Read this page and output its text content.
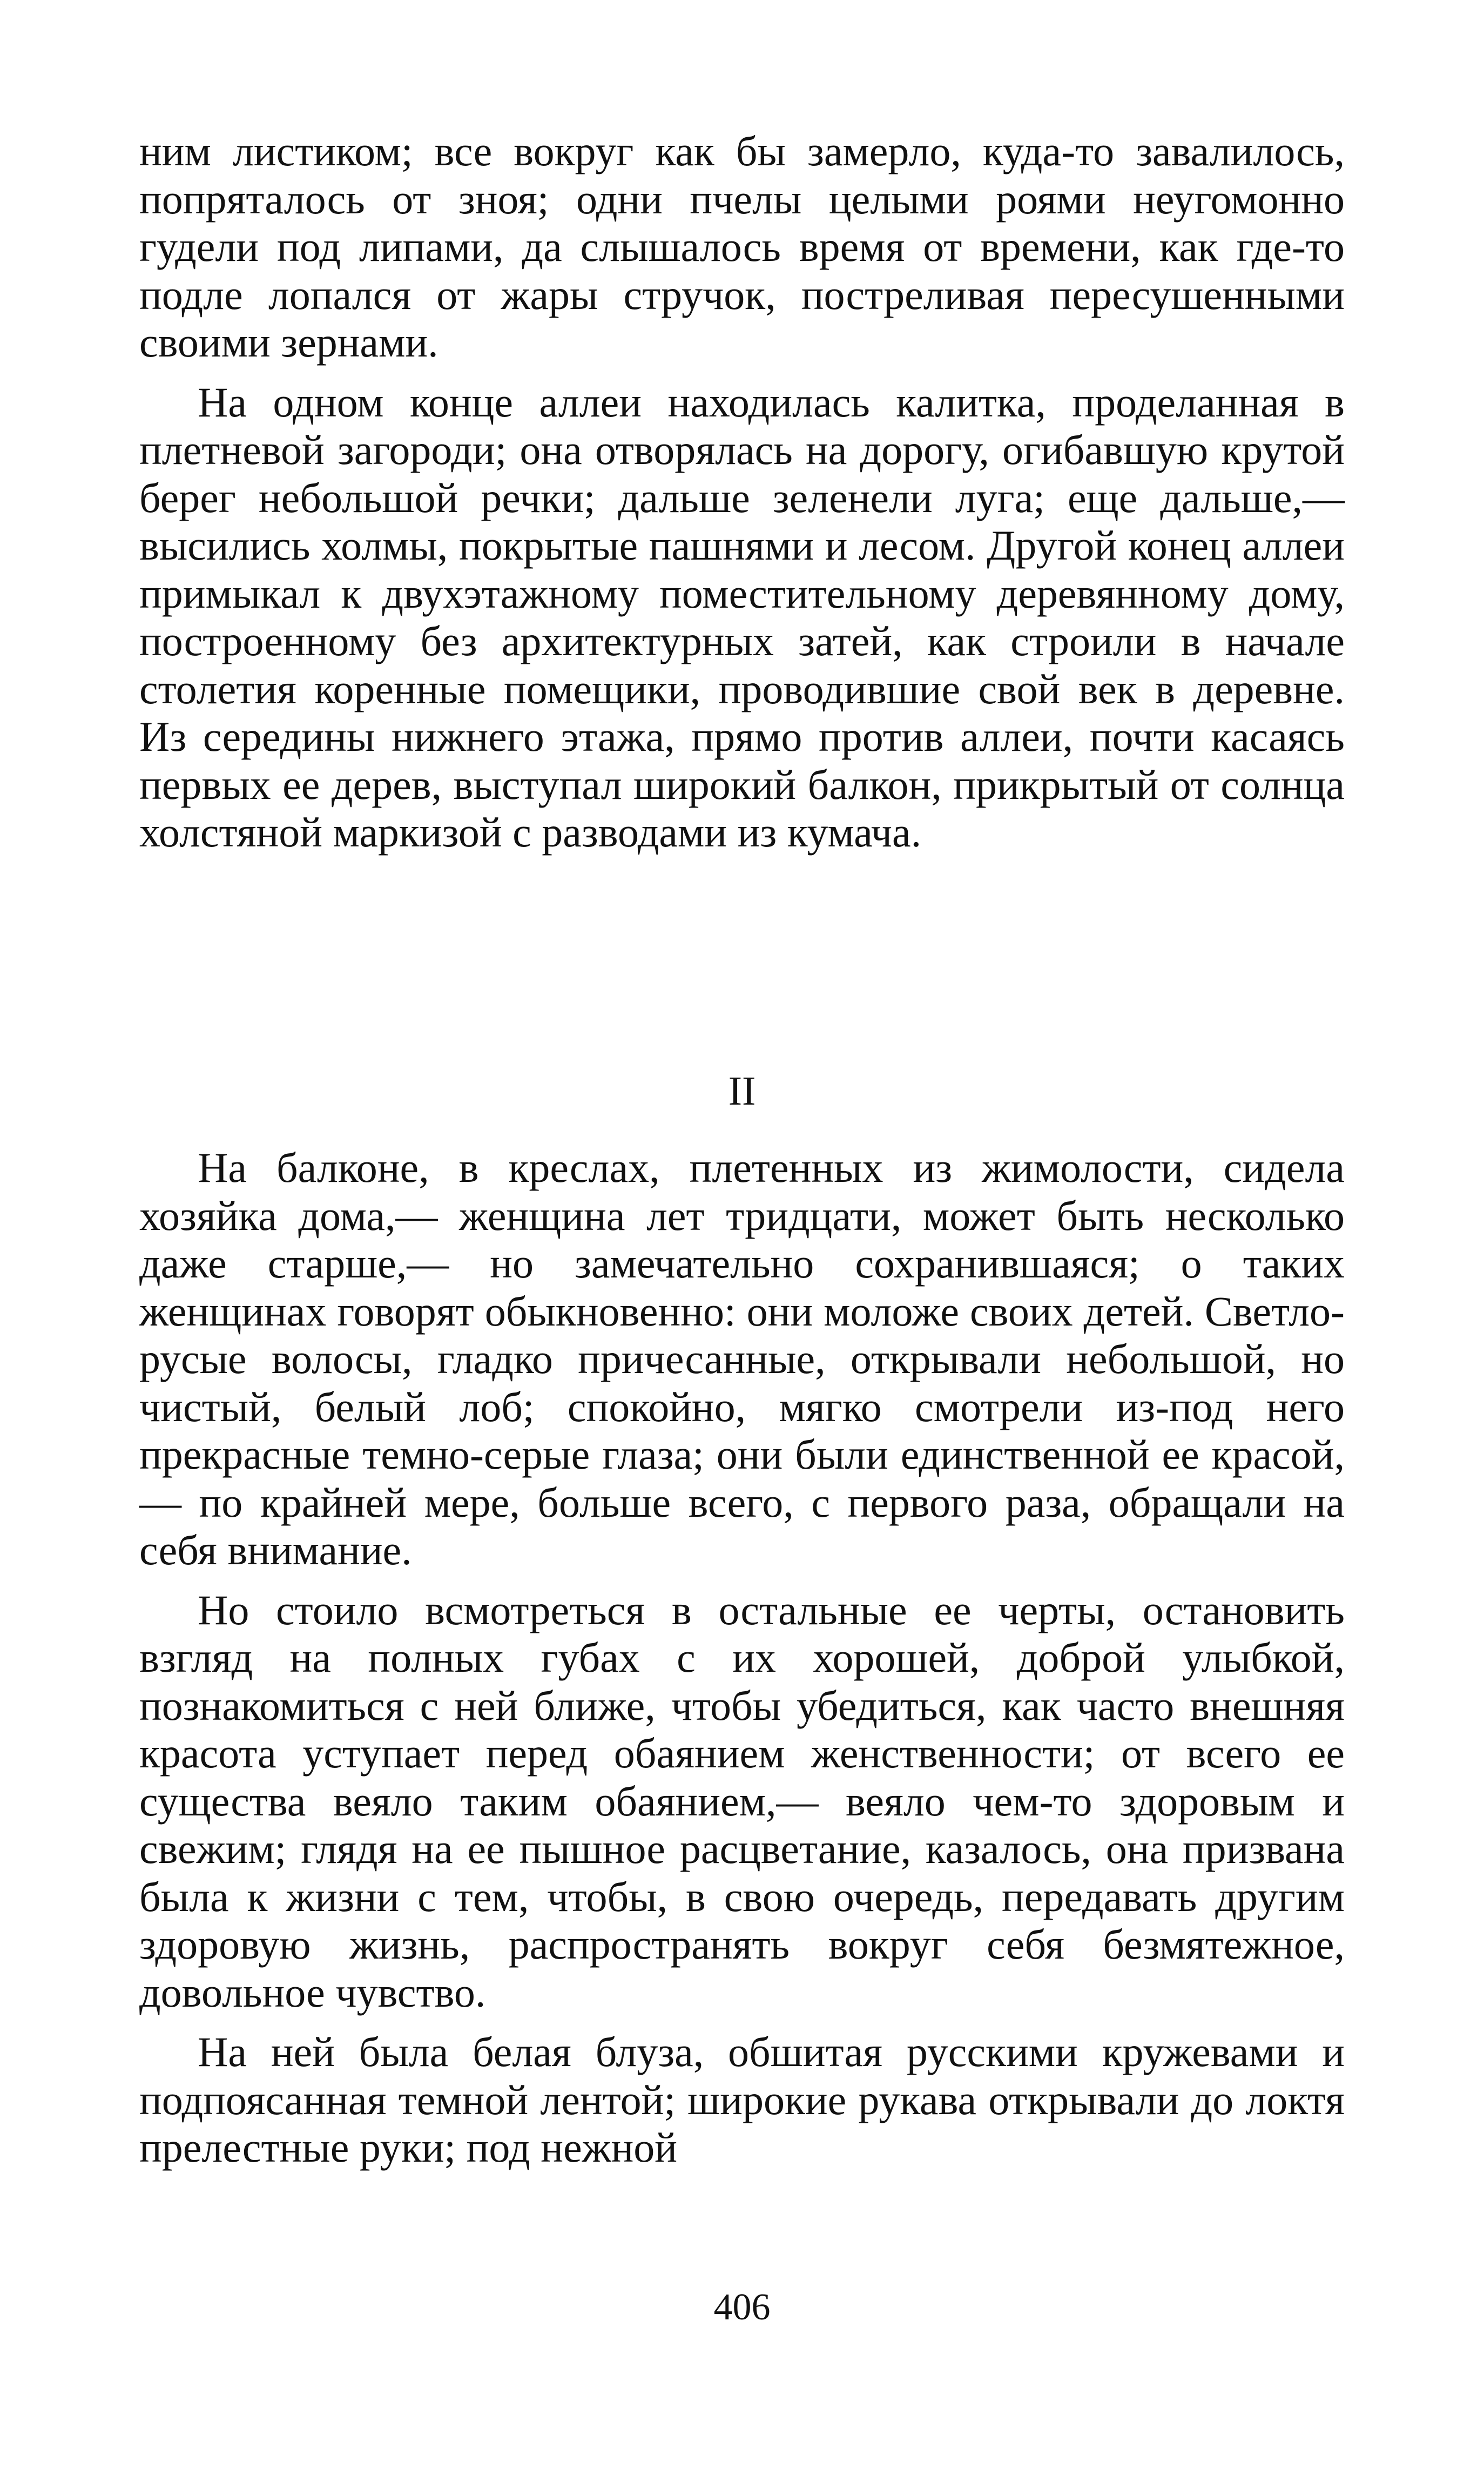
ним листиком; все вокруг как бы замерло, куда-то завалилось, попряталось от зноя; одни пчелы целыми роями неугомонно гудели под липами, да слышалось время от времени, как где-то подле лопался от жары стручок, постреливая пересушенными своими зернами.

На одном конце аллеи находилась калитка, проделанная в плетневой загороди; она отворялась на дорогу, огибавшую крутой берег небольшой речки; дальше зеленели луга; еще дальше,— высились холмы, покрытые пашнями и лесом. Другой конец аллеи примыкал к двухэтажному поместительному деревянному дому, построенному без архитектурных затей, как строили в начале столетия коренные помещики, проводившие свой век в деревне. Из середины нижнего этажа, прямо против аллеи, почти касаясь первых ее дерев, выступал широкий балкон, прикрытый от солнца холстяной маркизой с разводами из кумача.

II

На балконе, в креслах, плетенных из жимолости, сидела хозяйка дома,— женщина лет тридцати, может быть несколько даже старше,— но замечательно сохранившаяся; о таких женщинах говорят обыкновенно: они моложе своих детей. Светло-русые волосы, гладко причесанные, открывали небольшой, но чистый, белый лоб; спокойно, мягко смотрели из-под него прекрасные темно-серые глаза; они были единственной ее красой,— по крайней мере, больше всего, с первого раза, обращали на себя внимание.

Но стоило всмотреться в остальные ее черты, остановить взгляд на полных губах с их хорошей, доброй улыбкой, познакомиться с ней ближе, чтобы убедиться, как часто внешняя красота уступает перед обаянием женственности; от всего ее существа веяло таким обаянием,— веяло чем-то здоровым и свежим; глядя на ее пышное расцветание, казалось, она призвана была к жизни с тем, чтобы, в свою очередь, передавать другим здоровую жизнь, распространять вокруг себя безмятежное, довольное чувство.

На ней была белая блуза, обшитая русскими кружевами и подпоясанная темной лентой; широкие рукава открывали до локтя прелестные руки; под нежной

406
